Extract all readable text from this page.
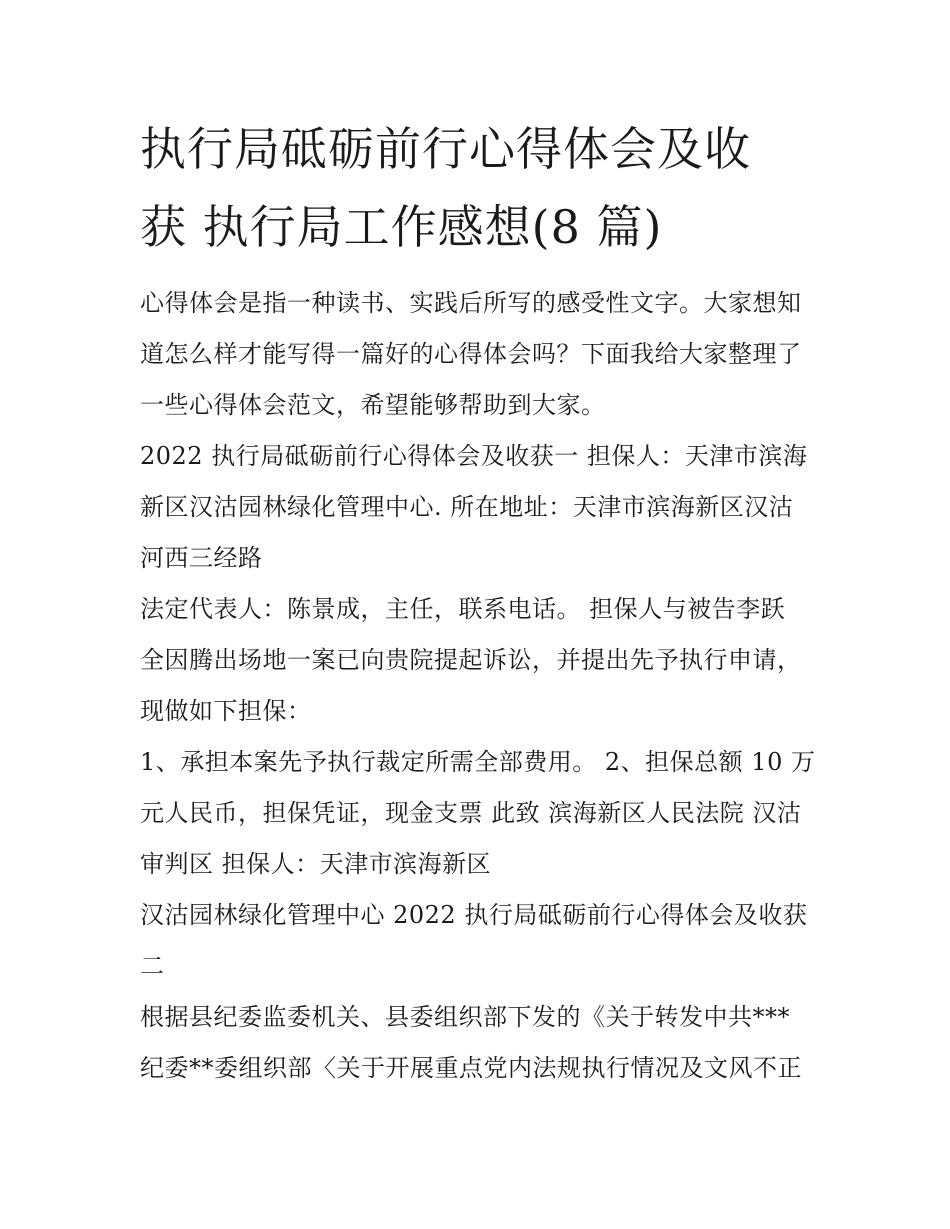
执行局砥砺前行心得体会及收
获 执行局工作感想(8 篇)
心得体会是指一种读书、实践后所写的感受性文字。大家想知
道怎么样才能写得一篇好的心得体会吗？下面我给大家整理了
一些心得体会范文，希望能够帮助到大家。
2022 执行局砥砺前行心得体会及收获一 担保人：天津市滨海
新区汉沽园林绿化管理中心. 所在地址：天津市滨海新区汉沽
河西三经路
法定代表人：陈景成，主任，联系电话。 担保人与被告李跃
全因腾出场地一案已向贵院提起诉讼，并提出先予执行申请，
现做如下担保：
1、承担本案先予执行裁定所需全部费用。 2、担保总额 10 万
元人民币，担保凭证，现金支票 此致 滨海新区人民法院 汉沽
审判区 担保人：天津市滨海新区
汉沽园林绿化管理中心 2022 执行局砥砺前行心得体会及收获
二
根据县纪委监委机关、县委组织部下发的《关于转发中共***
纪委**委组织部〈关于开展重点党内法规执行情况及文风不正
